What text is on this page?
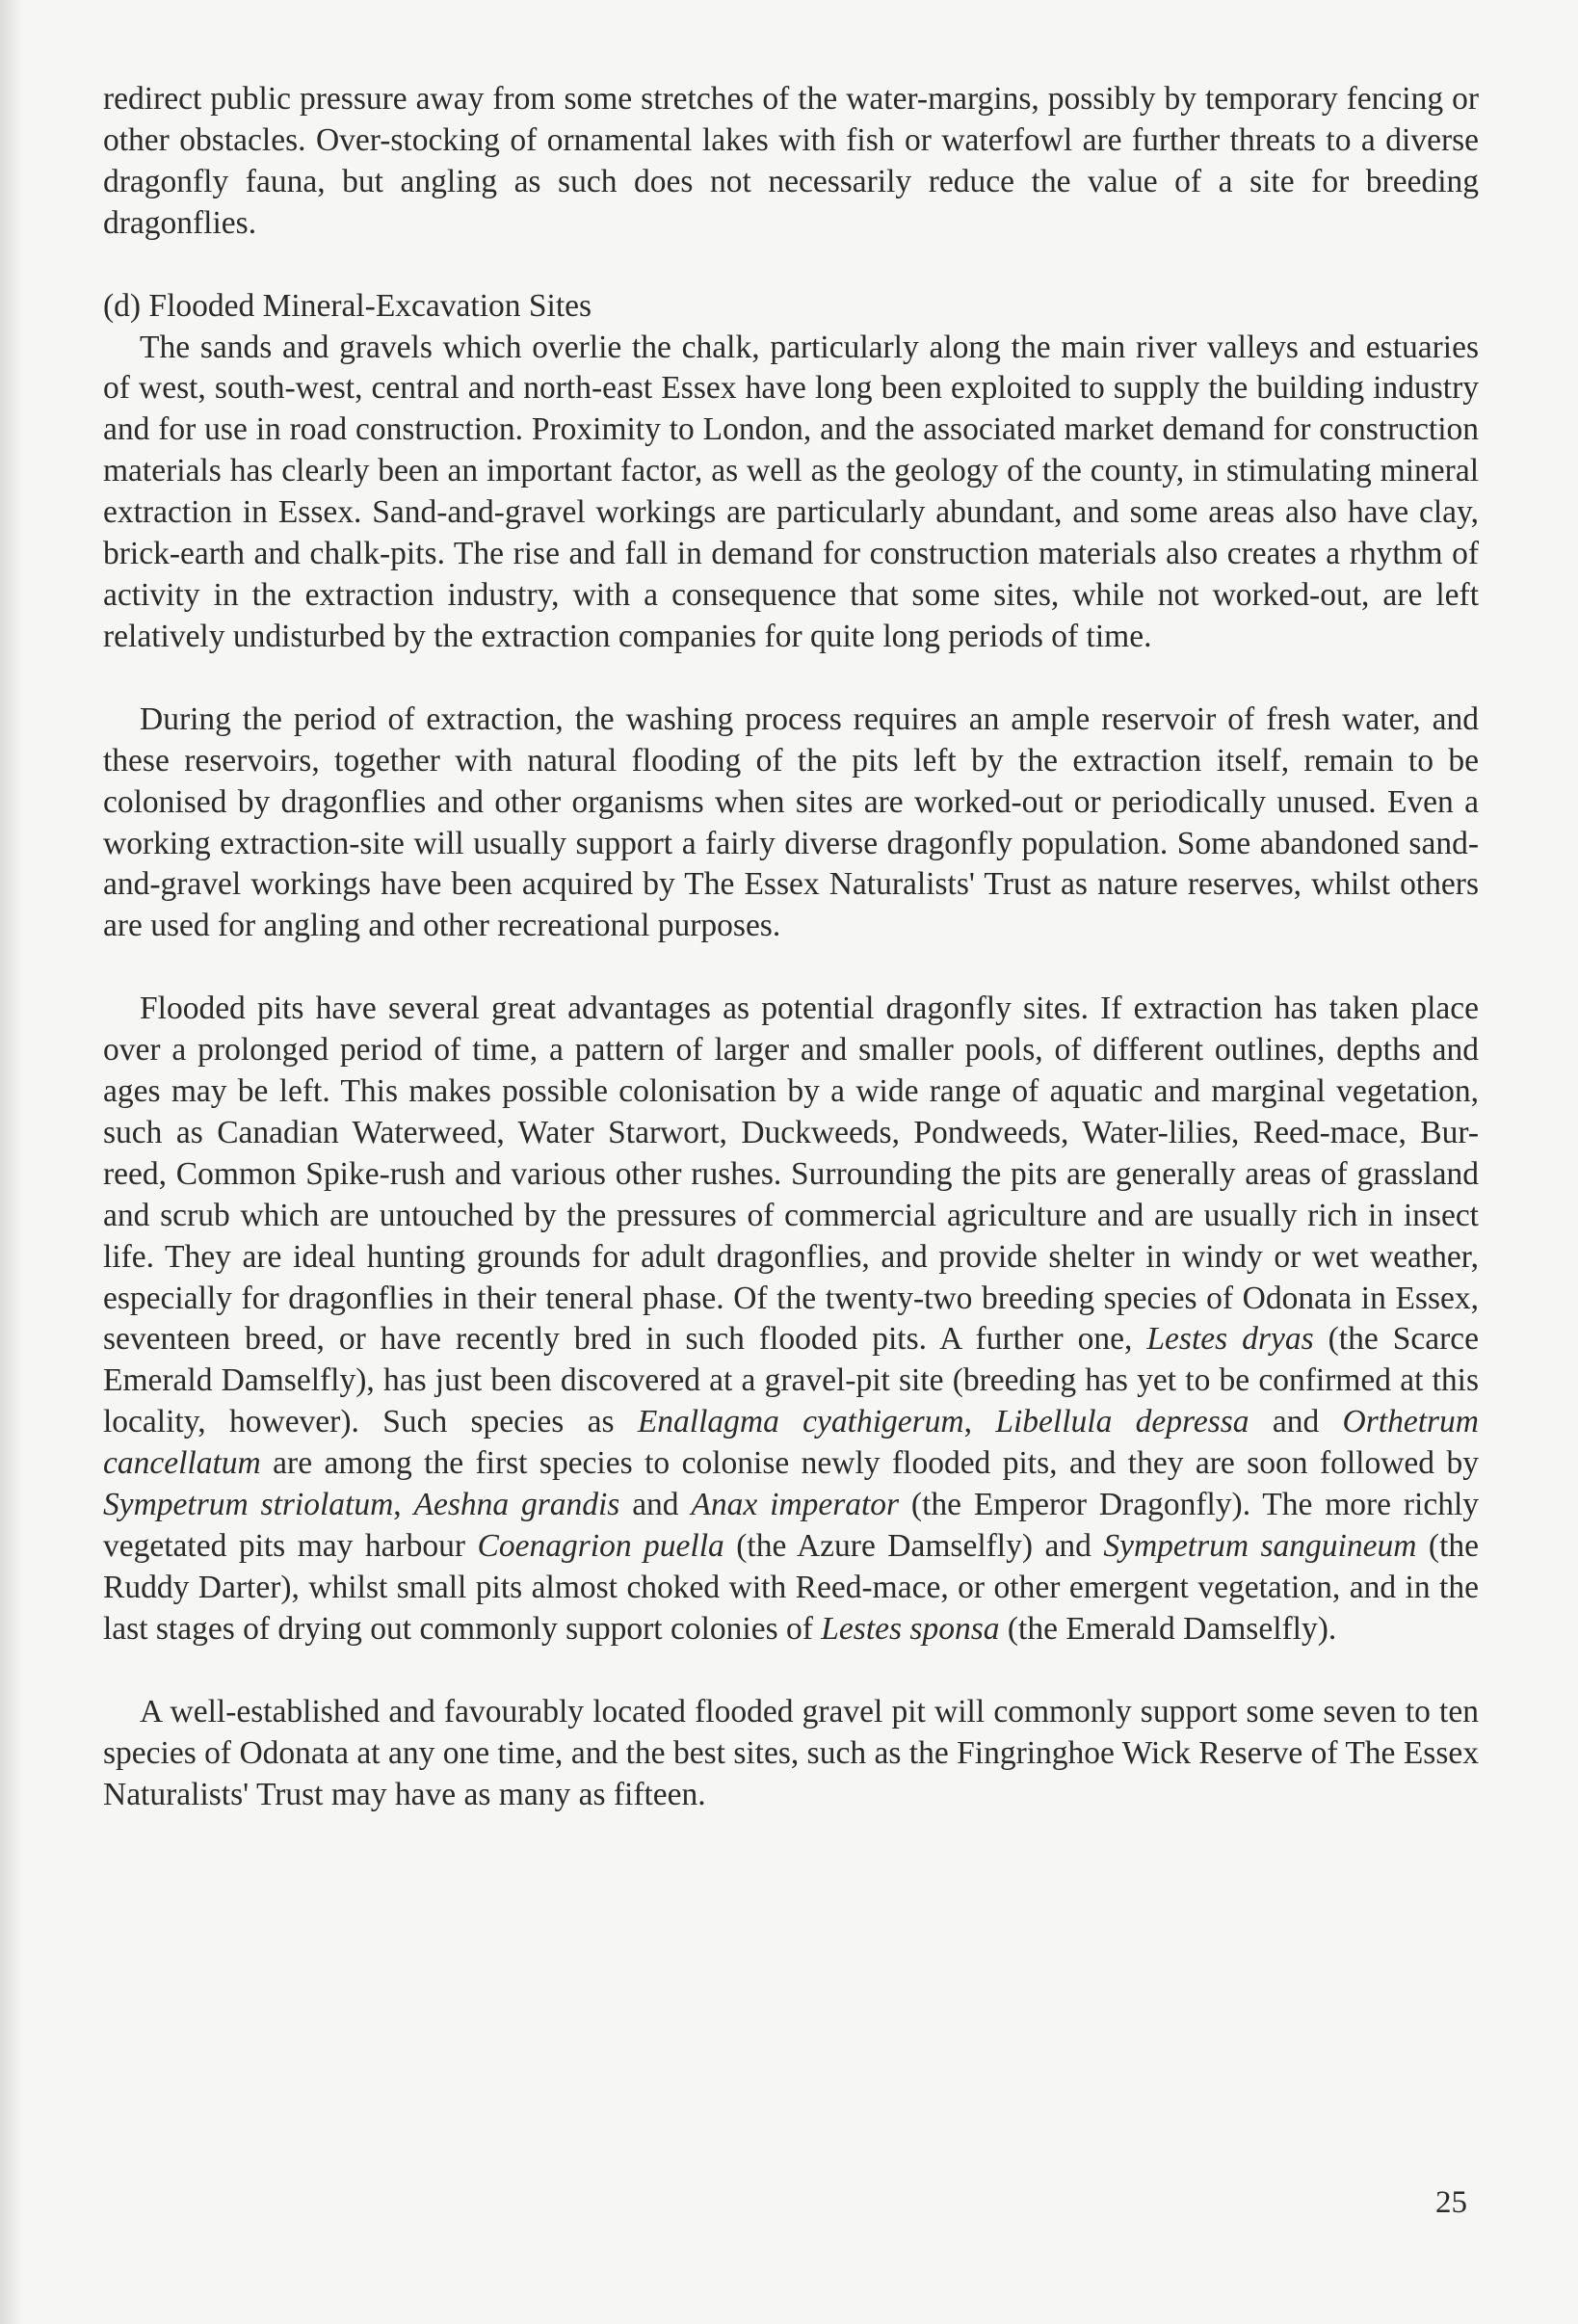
redirect public pressure away from some stretches of the water-margins, possibly by temporary fencing or other obstacles. Over-stocking of ornamental lakes with fish or waterfowl are further threats to a diverse dragonfly fauna, but angling as such does not necessarily reduce the value of a site for breeding dragonflies.

(d) Flooded Mineral-Excavation Sites

The sands and gravels which overlie the chalk, particularly along the main river valleys and estuaries of west, south-west, central and north-east Essex have long been exploited to supply the building industry and for use in road construction. Proximity to London, and the associated market demand for construction materials has clearly been an important factor, as well as the geology of the county, in stimulating mineral extraction in Essex. Sand-and-gravel workings are particularly abundant, and some areas also have clay, brick-earth and chalk-pits. The rise and fall in demand for construction materials also creates a rhythm of activity in the extraction industry, with a consequence that some sites, while not worked-out, are left relatively undisturbed by the extraction companies for quite long periods of time.

During the period of extraction, the washing process requires an ample reservoir of fresh water, and these reservoirs, together with natural flooding of the pits left by the extraction itself, remain to be colonised by dragonflies and other organisms when sites are worked-out or periodically unused. Even a working extraction-site will usually support a fairly diverse dragonfly population. Some abandoned sand-and-gravel workings have been acquired by The Essex Naturalists' Trust as nature reserves, whilst others are used for angling and other recreational purposes.

Flooded pits have several great advantages as potential dragonfly sites. If extraction has taken place over a prolonged period of time, a pattern of larger and smaller pools, of different outlines, depths and ages may be left. This makes possible colonisation by a wide range of aquatic and marginal vegetation, such as Canadian Waterweed, Water Starwort, Duckweeds, Pondweeds, Water-lilies, Reed-mace, Bur-reed, Common Spike-rush and various other rushes. Surrounding the pits are generally areas of grassland and scrub which are untouched by the pressures of commercial agriculture and are usually rich in insect life. They are ideal hunting grounds for adult dragonflies, and provide shelter in windy or wet weather, especially for dragonflies in their teneral phase. Of the twenty-two breeding species of Odonata in Essex, seventeen breed, or have recently bred in such flooded pits. A further one, Lestes dryas (the Scarce Emerald Damselfly), has just been discovered at a gravel-pit site (breeding has yet to be confirmed at this locality, however). Such species as Enallagma cyathigerum, Libellula depressa and Orthetrum cancellatum are among the first species to colonise newly flooded pits, and they are soon followed by Sympetrum striolatum, Aeshna grandis and Anax imperator (the Emperor Dragonfly). The more richly vegetated pits may harbour Coenagrion puella (the Azure Damselfly) and Sympetrum sanguineum (the Ruddy Darter), whilst small pits almost choked with Reed-mace, or other emergent vegetation, and in the last stages of drying out commonly support colonies of Lestes sponsa (the Emerald Damselfly).

A well-established and favourably located flooded gravel pit will commonly support some seven to ten species of Odonata at any one time, and the best sites, such as the Fingringhoe Wick Reserve of The Essex Naturalists' Trust may have as many as fifteen.

25
